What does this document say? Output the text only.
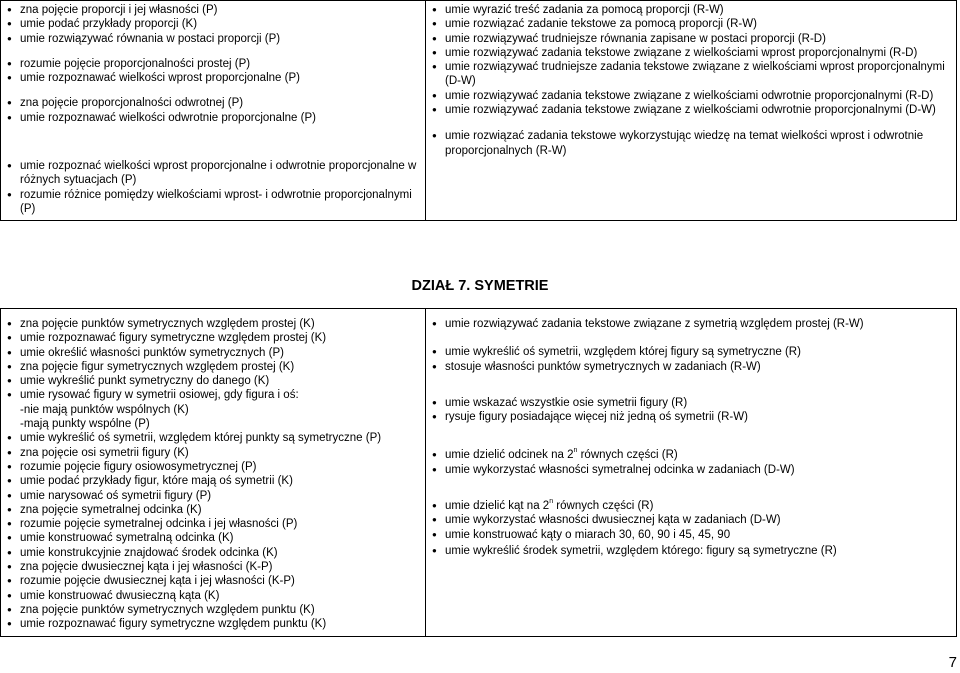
● zna pojęcie proporcji i jej własności (P)
● umie podać przykłady proporcji (K)
● umie rozwiązywać równania w postaci proporcji (P)
● rozumie pojęcie proporcjonalności prostej (P)
● umie rozpoznawać wielkości wprost proporcjonalne (P)
● zna pojęcie proporcjonalności odwrotnej (P)
● umie rozpoznawać wielkości odwrotnie proporcjonalne (P)
● umie rozpoznać wielkości wprost proporcjonalne i odwrotnie proporcjonalne w różnych sytuacjach (P)
● rozumie różnice pomiędzy wielkościami wprost- i odwrotnie proporcjonalnymi (P)

● umie wyrazić treść zadania za pomocą proporcji (R-W)
● umie rozwiązać zadanie tekstowe za pomocą proporcji (R-W)
● umie rozwiązywać trudniejsze równania zapisane w postaci proporcji (R-D)
● umie rozwiązywać zadania tekstowe związane z wielkościami wprost proporcjonalnymi (R-D)
● umie rozwiązywać trudniejsze zadania tekstowe związane z wielkościami wprost proporcjonalnymi (D-W)
● umie rozwiązywać zadania tekstowe związane z wielkościami odwrotnie proporcjonalnymi (R-D)
● umie rozwiązywać zadania tekstowe związane z wielkościami odwrotnie proporcjonalnymi (D-W)
● umie rozwiązać zadania tekstowe wykorzystując wiedzę na temat wielkości wprost i odwrotnie proporcjonalnych (R-W)
DZIAŁ 7. SYMETRIE
● zna pojęcie punktów symetrycznych względem prostej (K)
● umie rozpoznawać figury symetryczne względem prostej (K)
● umie określić własności punktów symetrycznych (P)
● zna pojęcie figur symetrycznych względem prostej (K)
● umie wykreślić punkt symetryczny do danego (K)
● umie rysować figury w symetrii osiowej, gdy figura i oś:
-nie mają punktów wspólnych (K)
-mają punkty wspólne (P)
● umie wykreślić oś symetrii, względem której punkty są symetryczne (P)
● zna pojęcie osi symetrii figury (K)
● rozumie pojęcie figury osiowosymetrycznej (P)
● umie podać przykłady figur, które mają oś symetrii (K)
● umie narysować oś symetrii figury (P)
● zna pojęcie symetralnej odcinka (K)
● rozumie pojęcie symetralnej odcinka i jej własności (P)
● umie konstruować symetralną odcinka (K)
● umie konstrukcyjnie znajdować środek odcinka (K)
● zna pojęcie dwusiecznej kąta i jej własności (K-P)
● rozumie pojęcie dwusiecznej kąta i jej własności (K-P)
● umie konstruować dwusieczną kąta (K)
● zna pojęcie punktów symetrycznych względem punktu (K)
● umie rozpoznawać figury symetryczne względem punktu (K)

● umie rozwiązywać zadania tekstowe związane z symetrią względem prostej (R-W)
● umie wykreślić oś symetrii, względem której figury są symetryczne (R)
● stosuje własności punktów symetrycznych w zadaniach (R-W)
● umie wskazać wszystkie osie symetrii figury (R)
● rysuje figury posiadające więcej niż jedną oś symetrii (R-W)
● umie dzielić odcinek na 2$^n$ równych części (R)
● umie wykorzystać własności symetralnej odcinka w zadaniach (D-W)
● umie dzielić kąt na 2$^n$ równych części (R)
● umie wykorzystać własności dwusiecznej kąta w zadaniach (D-W)
● umie konstruować kąty o miarach 30, 60, 90 i 45, 45, 90
● umie wykreślić środek symetrii, względem którego: figury są symetryczne (R)
7
